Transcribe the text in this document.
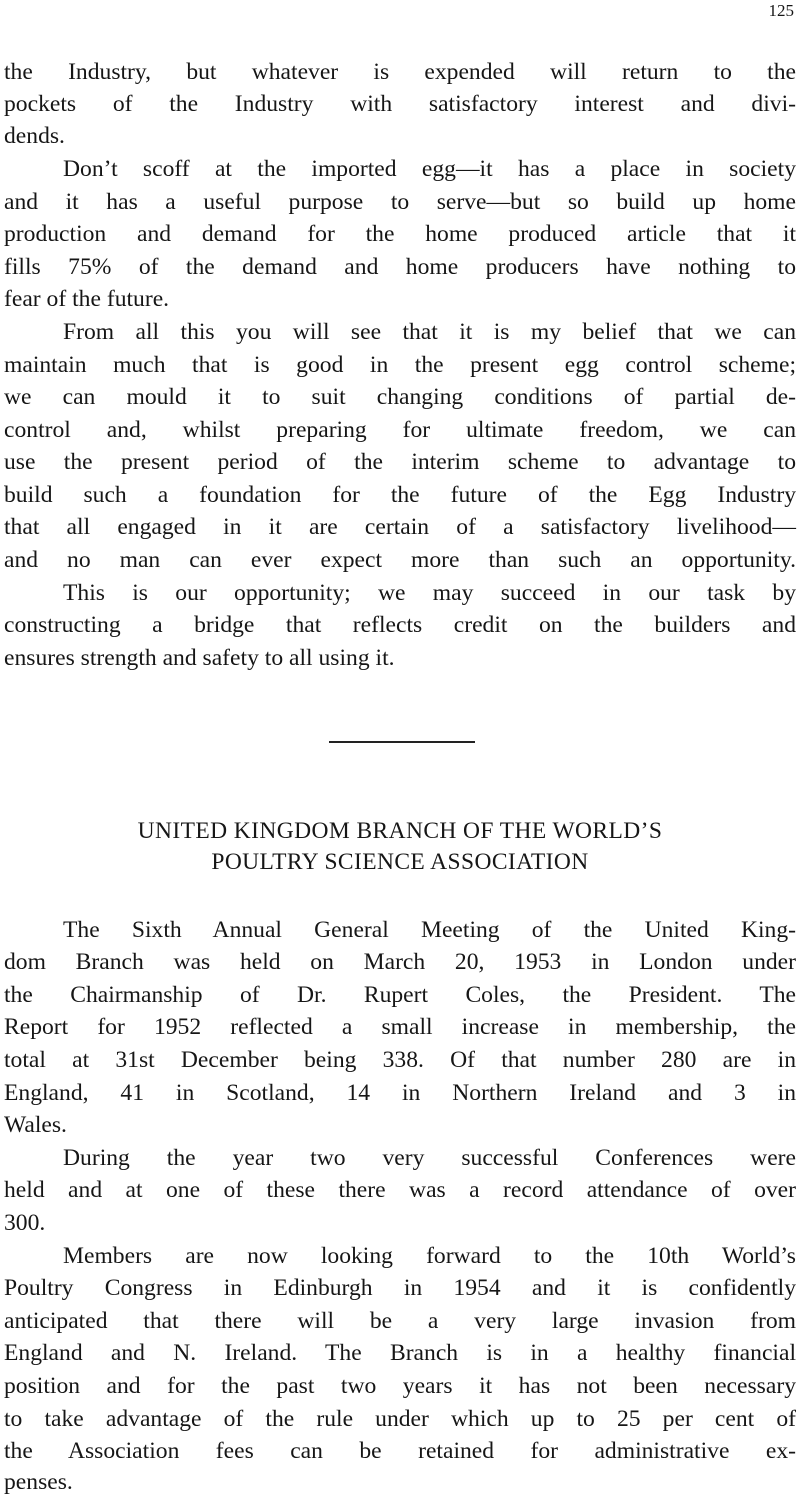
125
the Industry, but whatever is expended will return to the
pockets of the Industry with satisfactory interest and divi-
dends.
Don’t scoff at the imported egg—it has a place in society
and it has a useful purpose to serve—but so build up home
production and demand for the home produced article that it
fills 75% of the demand and home producers have nothing to
fear of the future.
From all this you will see that it is my belief that we can
maintain much that is good in the present egg control scheme;
we can mould it to suit changing conditions of partial de-
control and, whilst preparing for ultimate freedom, we can
use the present period of the interim scheme to advantage to
build such a foundation for the future of the Egg Industry
that all engaged in it are certain of a satisfactory livelihood—
and no man can ever expect more than such an opportunity.
This is our opportunity; we may succeed in our task by
constructing a bridge that reflects credit on the builders and
ensures strength and safety to all using it.
UNITED KINGDOM BRANCH OF THE WORLD’S
POULTRY SCIENCE ASSOCIATION
The Sixth Annual General Meeting of the United King-
dom Branch was held on March 20, 1953 in London under
the Chairmanship of Dr. Rupert Coles, the President. The
Report for 1952 reflected a small increase in membership, the
total at 31st December being 338. Of that number 280 are in
England, 41 in Scotland, 14 in Northern Ireland and 3 in
Wales.
During the year two very successful Conferences were
held and at one of these there was a record attendance of over
300.
Members are now looking forward to the 10th World’s
Poultry Congress in Edinburgh in 1954 and it is confidently
anticipated that there will be a very large invasion from
England and N. Ireland. The Branch is in a healthy financial
position and for the past two years it has not been necessary
to take advantage of the rule under which up to 25 per cent of
the Association fees can be retained for administrative ex-
penses.
